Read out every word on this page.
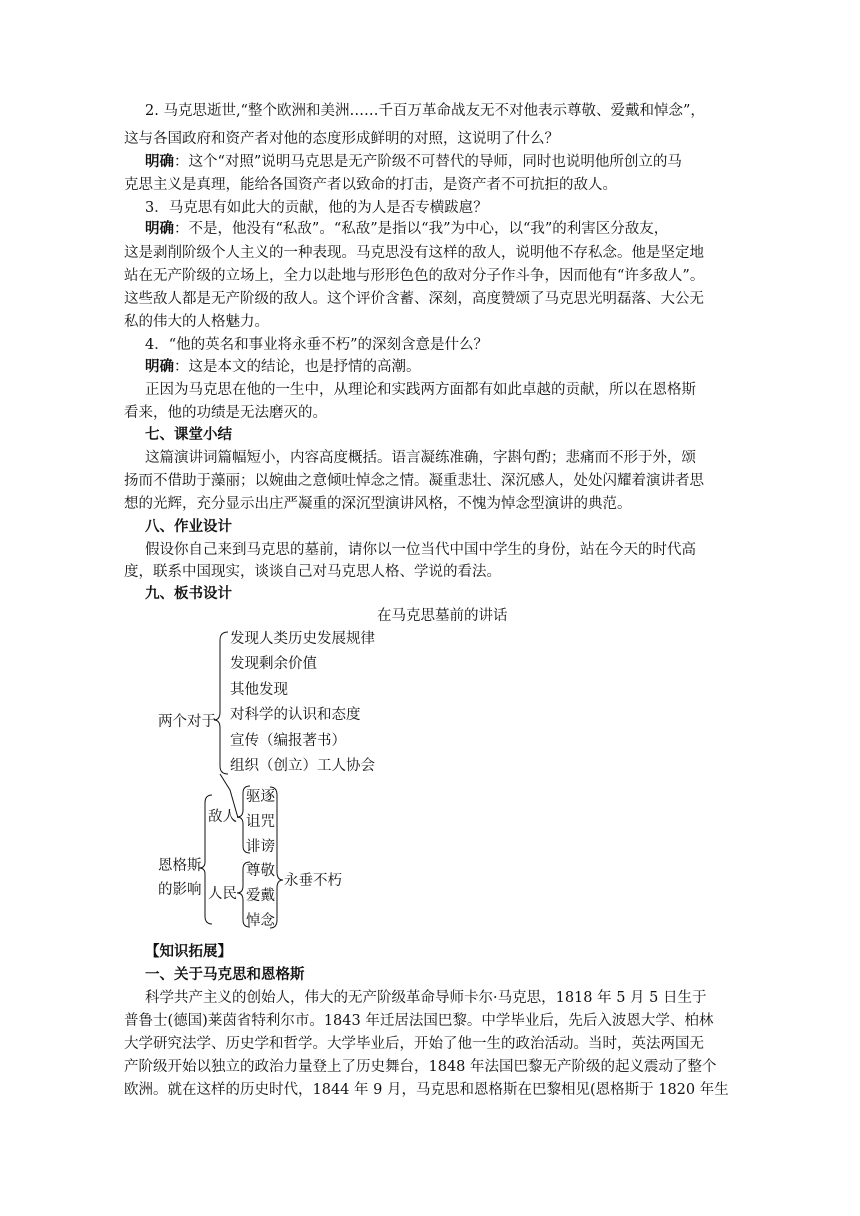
2. 马克思逝世,“整个欧洲和美洲……千百万革命战友无不对他表示尊敬、爱戴和悼念”，
这与各国政府和资产者对他的态度形成鲜明的对照，这说明了什么？
明确：这个“对照”说明马克思是无产阶级不可替代的导师，同时也说明他所创立的马
克思主义是真理，能给各国资产者以致命的打击，是资产者不可抗拒的敌人。
3．马克思有如此大的贡献，他的为人是否专横跋扈？
明确：不是，他没有“私敌”。“私敌”是指以“我”为中心，以“我”的利害区分敌友，
这是剥削阶级个人主义的一种表现。马克思没有这样的敌人，说明他不存私念。他是坚定地
站在无产阶级的立场上，全力以赴地与形形色色的敌对分子作斗争，因而他有“许多敌人”。
这些敌人都是无产阶级的敌人。这个评价含蓄、深刻，高度赞颂了马克思光明磊落、大公无
私的伟大的人格魅力。
4．“他的英名和事业将永垂不朽”的深刻含意是什么？
明确：这是本文的结论，也是抒情的高潮。
正因为马克思在他的一生中，从理论和实践两方面都有如此卓越的贡献，所以在恩格斯
看来，他的功绩是无法磨灭的。
七、课堂小结
这篇演讲词篇幅短小，内容高度概括。语言凝练准确，字斟句酌；悲痛而不形于外，颂
扬而不借助于藻丽；以婉曲之意倾吐悼念之情。凝重悲壮、深沉感人，处处闪耀着演讲者思
想的光辉，充分显示出庄严凝重的深沉型演讲风格，不愧为悼念型演讲的典范。
八、作业设计
假设你自己来到马克思的墓前，请你以一位当代中国中学生的身份，站在今天的时代高
度，联系中国现实，谈谈自己对马克思人格、学说的看法。
九、板书设计
在马克思墓前的讲话
两个对于
发现人类历史发展规律
发现剩余价值
其他发现
对科学的认识和态度
宣传（编报著书）
组织（创立）工人协会
恩格斯
的影响
敌人
驱逐
诅咒
诽谤
人民
尊敬
爱戴
悼念
永垂不朽
【知识拓展】
一、关于马克思和恩格斯
科学共产主义的创始人，伟大的无产阶级革命导师卡尔·马克思，1818 年 5 月 5 日生于
普鲁士(德国)莱茵省特利尔市。1843 年迁居法国巴黎。中学毕业后，先后入波恩大学、柏林
大学研究法学、历史学和哲学。大学毕业后，开始了他一生的政治活动。当时，英法两国无
产阶级开始以独立的政治力量登上了历史舞台，1848 年法国巴黎无产阶级的起义震动了整个
欧洲。就在这样的历史时代，1844 年 9 月，马克思和恩格斯在巴黎相见(恩格斯于 1820 年生
